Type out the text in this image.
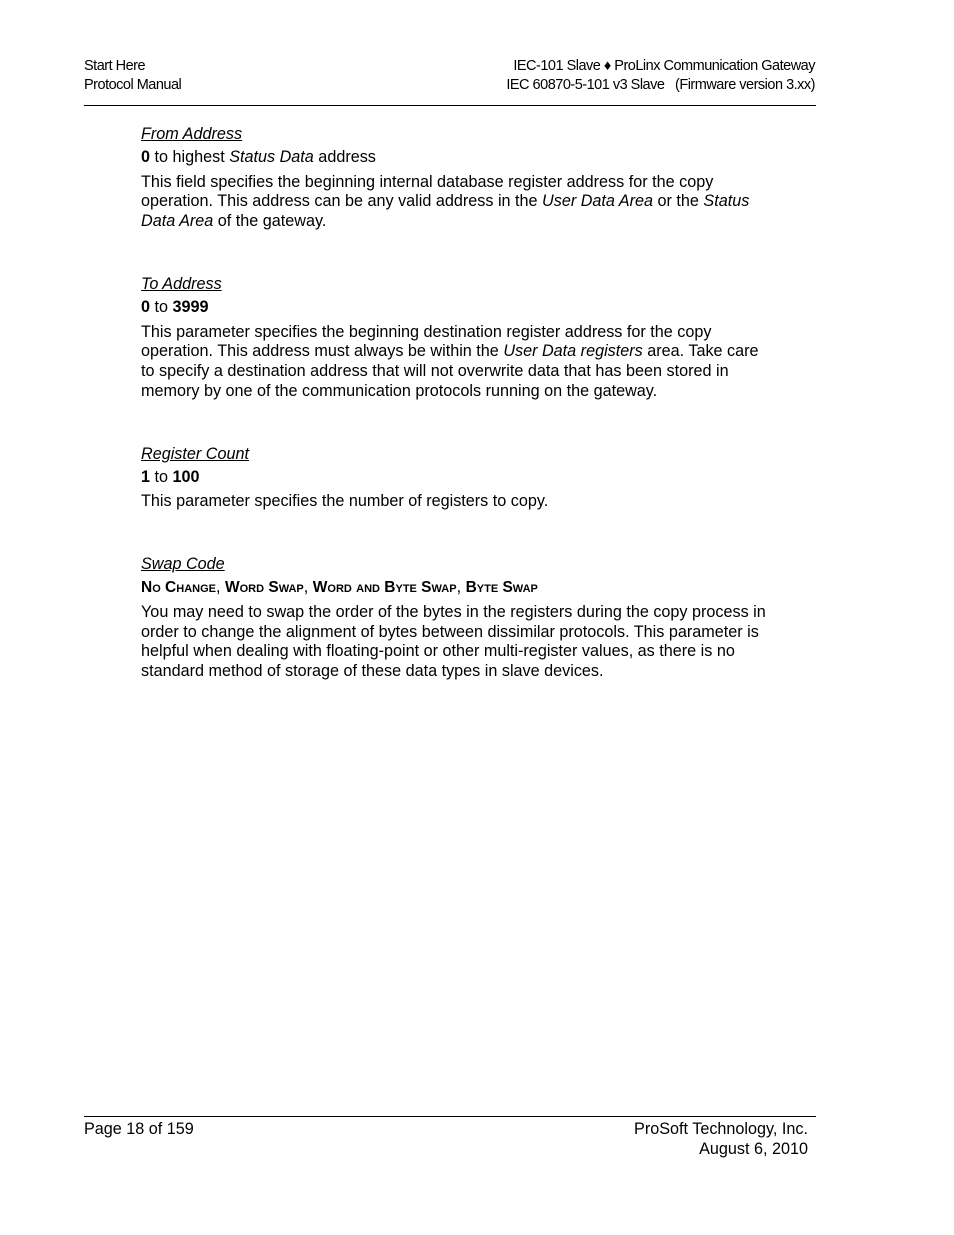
Start Here	IEC-101 Slave ♦ ProLinx Communication Gateway
Protocol Manual	IEC 60870-5-101 v3 Slave   (Firmware version 3.xx)

From Address

0 to highest Status Data address

This field specifies the beginning internal database register address for the copy operation. This address can be any valid address in the User Data Area or the Status Data Area of the gateway.

To Address

0 to 3999

This parameter specifies the beginning destination register address for the copy operation. This address must always be within the User Data registers area. Take care to specify a destination address that will not overwrite data that has been stored in memory by one of the communication protocols running on the gateway.

Register Count

1 to 100

This parameter specifies the number of registers to copy.

Swap Code

No Change, Word Swap, Word and Byte Swap, Byte Swap

You may need to swap the order of the bytes in the registers during the copy process in order to change the alignment of bytes between dissimilar protocols. This parameter is helpful when dealing with floating-point or other multi-register values, as there is no standard method of storage of these data types in slave devices.

Page 18 of 159	ProSoft Technology, Inc.
August 6, 2010
